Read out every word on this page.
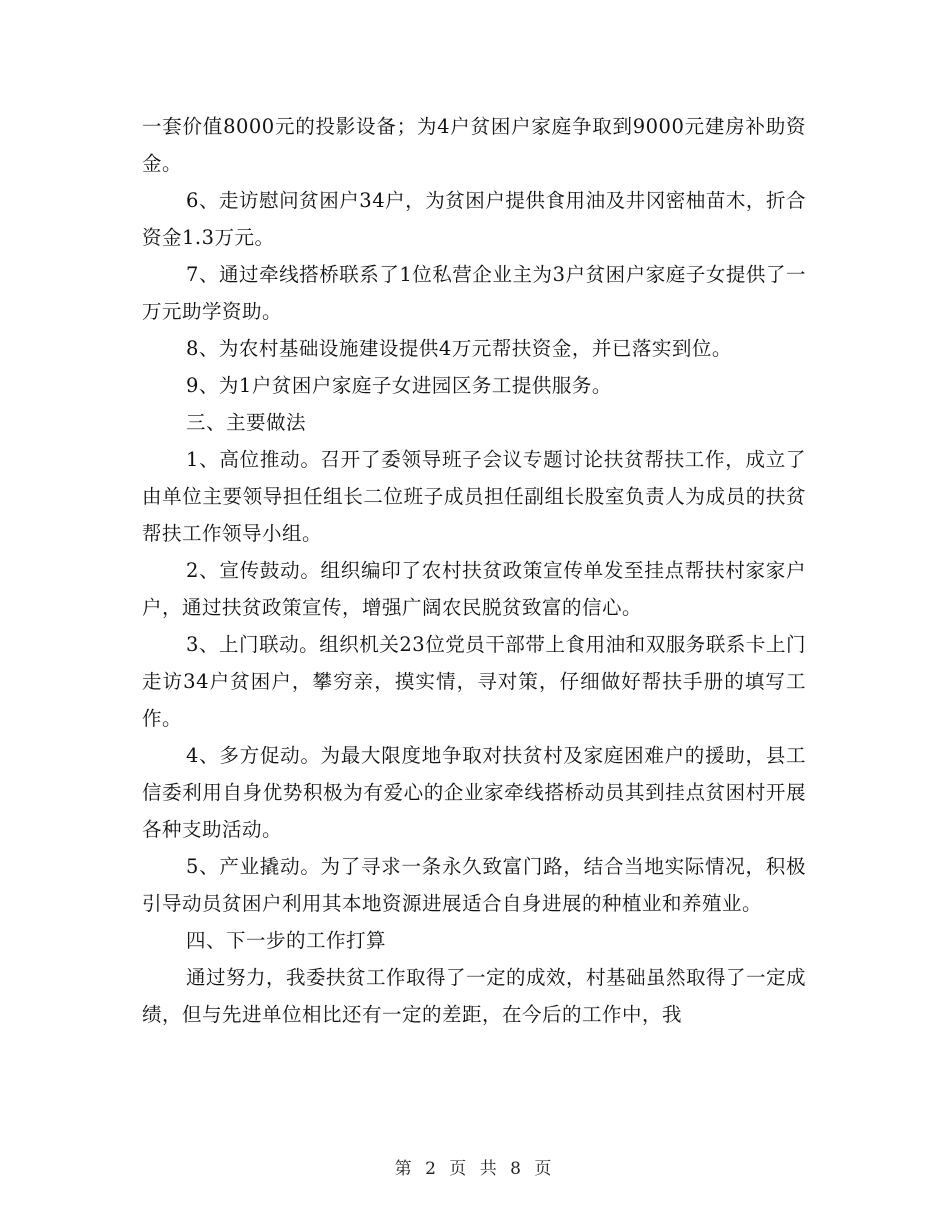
一套价值8000元的投影设备；为4户贫困户家庭争取到9000元建房补助资金。

6、走访慰问贫困户34户，为贫困户提供食用油及井冈密柚苗木，折合资金1.3万元。

7、通过牵线搭桥联系了1位私营企业主为3户贫困户家庭子女提供了一万元助学资助。

8、为农村基础设施建设提供4万元帮扶资金，并已落实到位。

9、为1户贫困户家庭子女进园区务工提供服务。

三、主要做法

1、高位推动。召开了委领导班子会议专题讨论扶贫帮扶工作，成立了由单位主要领导担任组长二位班子成员担任副组长股室负责人为成员的扶贫帮扶工作领导小组。

2、宣传鼓动。组织编印了农村扶贫政策宣传单发至挂点帮扶村家家户户，通过扶贫政策宣传，增强广阔农民脱贫致富的信心。

3、上门联动。组织机关23位党员干部带上食用油和双服务联系卡上门走访34户贫困户，攀穷亲，摸实情，寻对策，仔细做好帮扶手册的填写工作。

4、多方促动。为最大限度地争取对扶贫村及家庭困难户的援助，县工信委利用自身优势积极为有爱心的企业家牵线搭桥动员其到挂点贫困村开展各种支助活动。

5、产业撬动。为了寻求一条永久致富门路，结合当地实际情况，积极引导动员贫困户利用其本地资源进展适合自身进展的种植业和养殖业。

四、下一步的工作打算

通过努力，我委扶贫工作取得了一定的成效，村基础虽然取得了一定成绩，但与先进单位相比还有一定的差距，在今后的工作中，我

第 2 页 共 8 页
